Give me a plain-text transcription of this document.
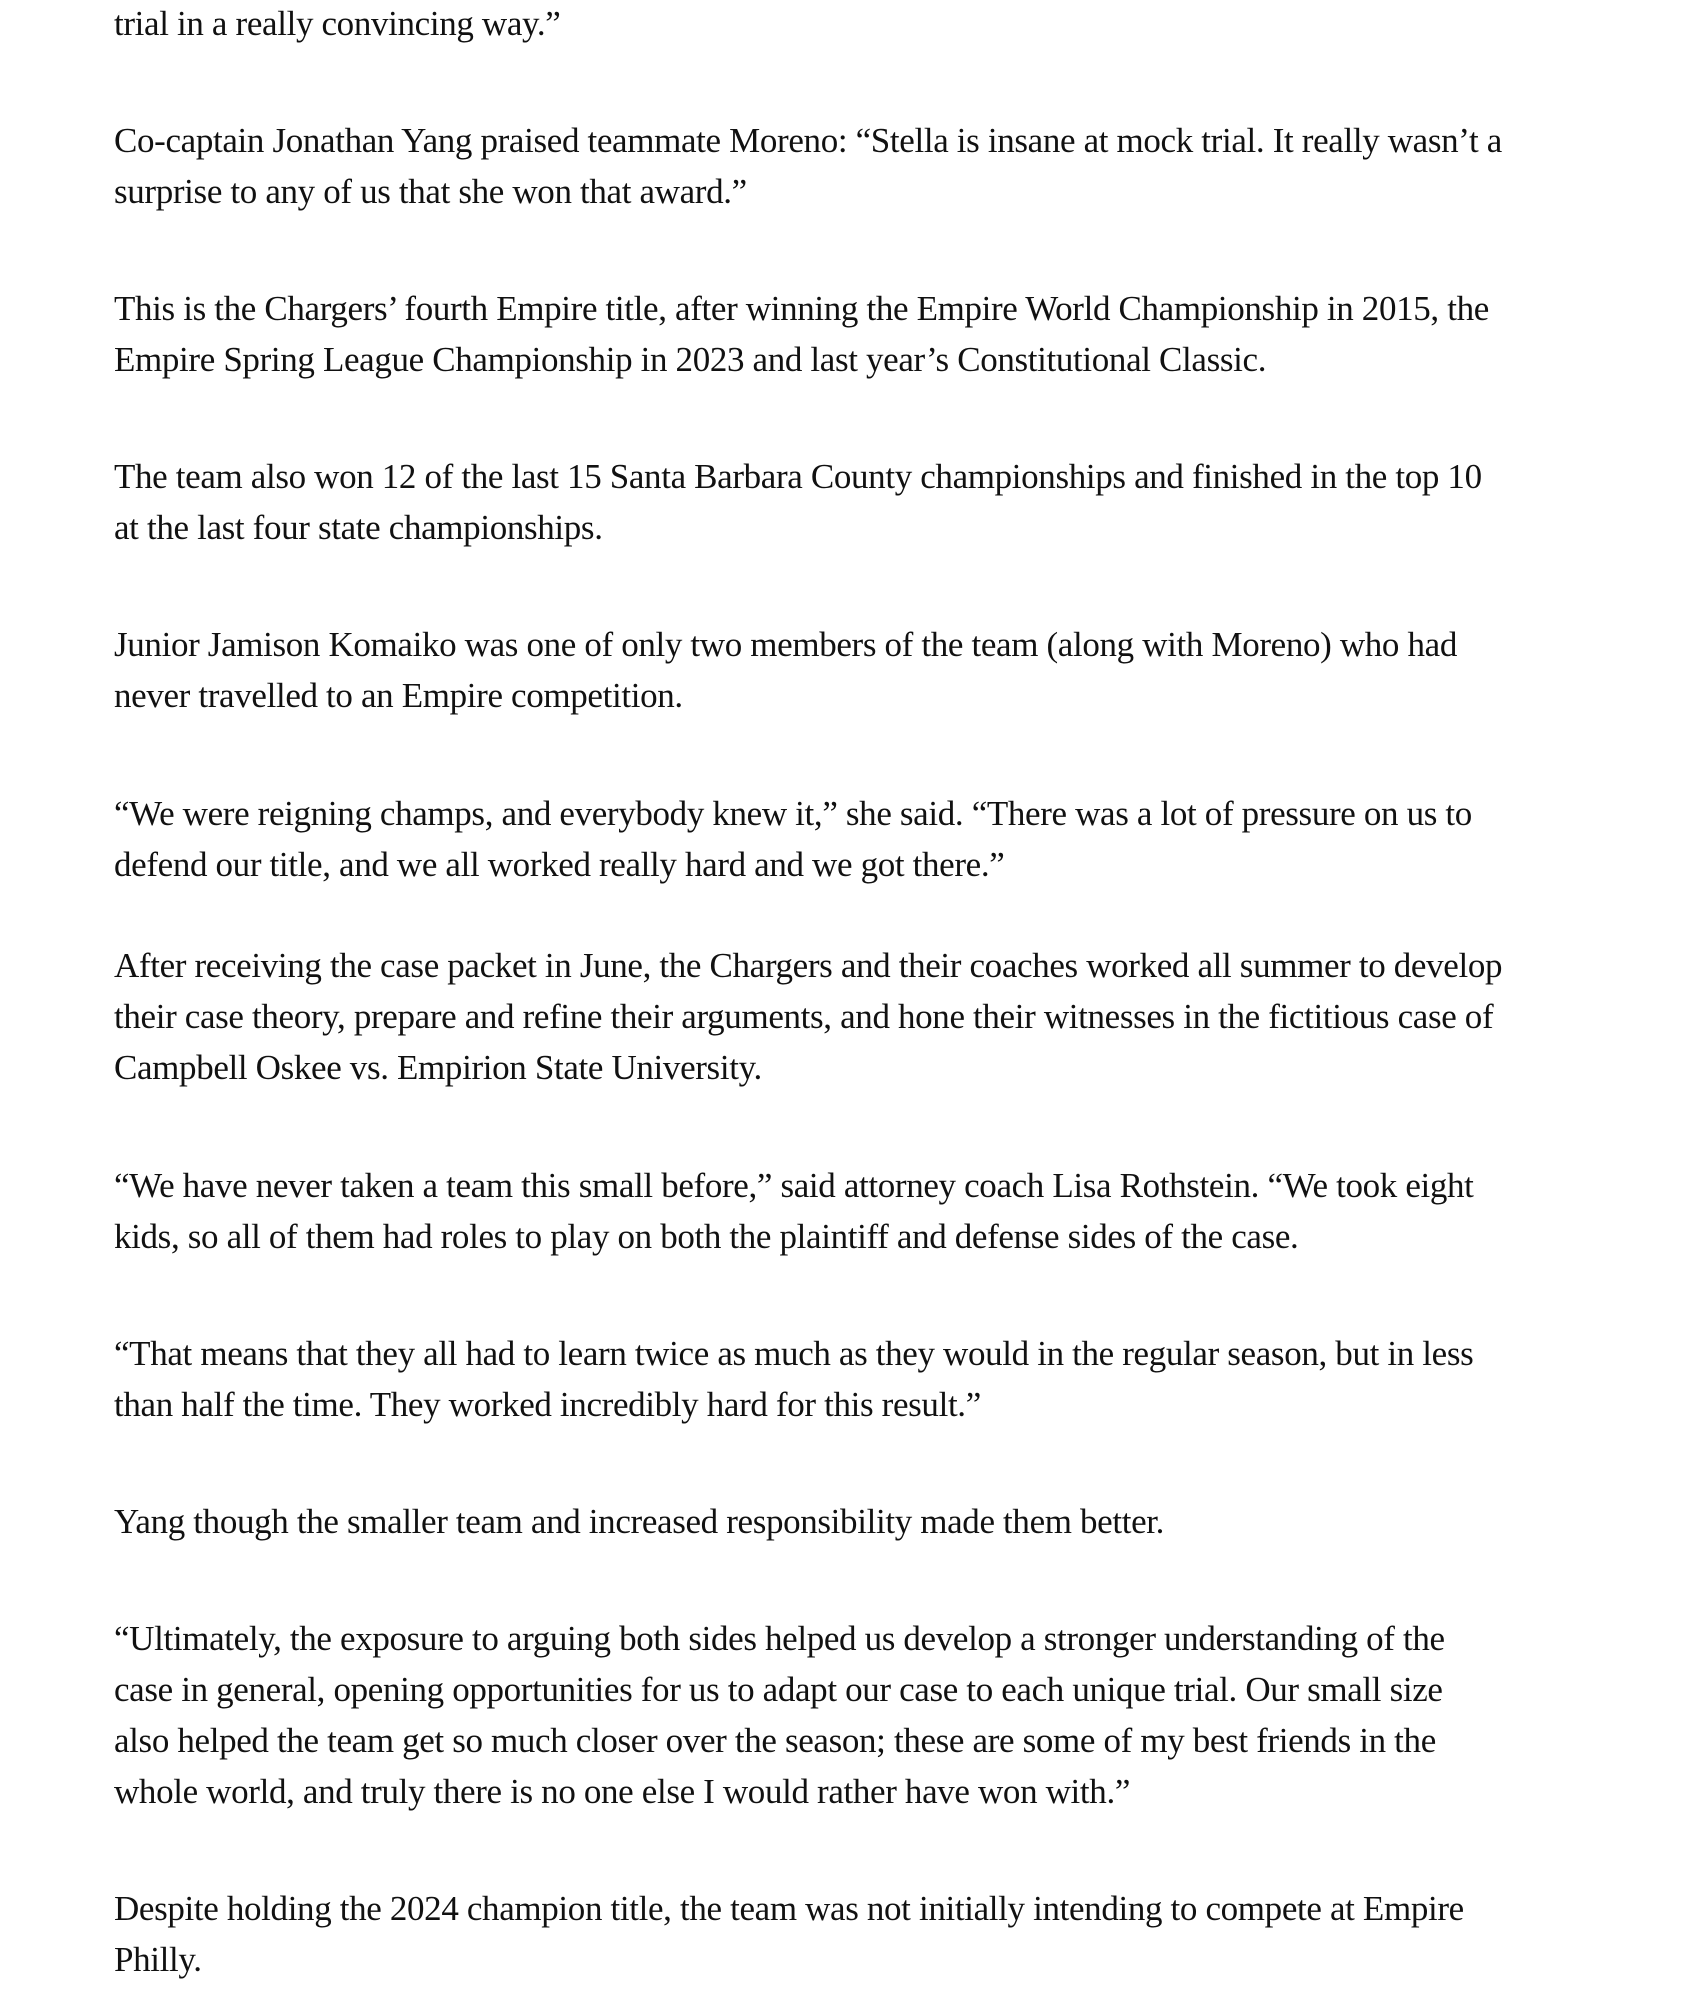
trial in a really convincing way.”

Co-captain Jonathan Yang praised teammate Moreno: “Stella is insane at mock trial. It really wasn’t a
surprise to any of us that she won that award.”

This is the Chargers’ fourth Empire title, after winning the Empire World Championship in 2015, the
Empire Spring League Championship in 2023 and last year’s Constitutional Classic.

The team also won 12 of the last 15 Santa Barbara County championships and finished in the top 10
at the last four state championships.

Junior Jamison Komaiko was one of only two members of the team (along with Moreno) who had
never travelled to an Empire competition.

“We were reigning champs, and everybody knew it,” she said. “There was a lot of pressure on us to
defend our title, and we all worked really hard and we got there.”

After receiving the case packet in June, the Chargers and their coaches worked all summer to develop
their case theory, prepare and refine their arguments, and hone their witnesses in the fictitious case of
Campbell Oskee vs. Empirion State University.

“We have never taken a team this small before,” said attorney coach Lisa Rothstein. “We took eight
kids, so all of them had roles to play on both the plaintiff and defense sides of the case.

“That means that they all had to learn twice as much as they would in the regular season, but in less
than half the time. They worked incredibly hard for this result.”

Yang though the smaller team and increased responsibility made them better.

“Ultimately, the exposure to arguing both sides helped us develop a stronger understanding of the
case in general, opening opportunities for us to adapt our case to each unique trial. Our small size
also helped the team get so much closer over the season; these are some of my best friends in the
whole world, and truly there is no one else I would rather have won with.”

Despite holding the 2024 champion title, the team was not initially intending to compete at Empire
Philly.
